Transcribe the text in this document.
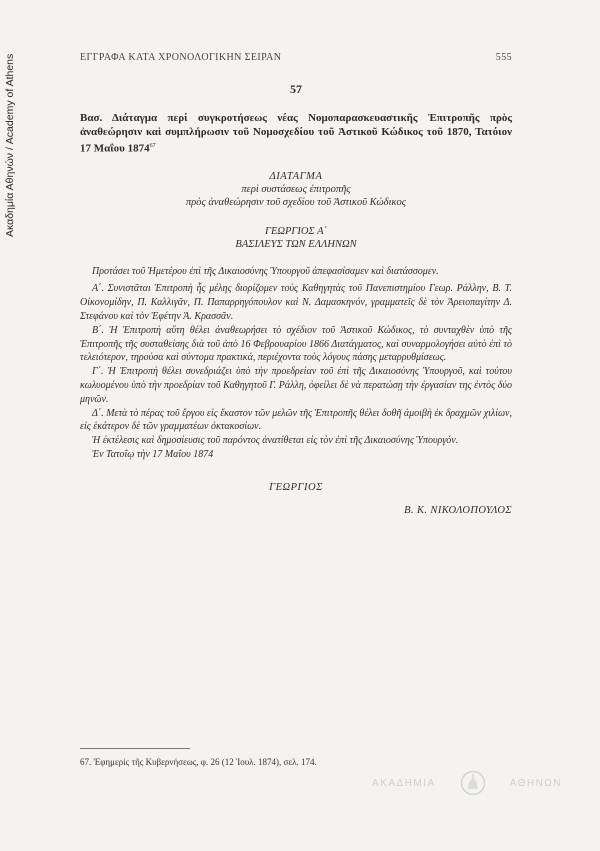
Ακαδημία Αθηνών / Academy of Athens	ΕΓΓΡΑΦΑ ΚΑΤΑ ΧΡΟΝΟΛΟΓΙΚΗΝ ΣΕΙΡΑΝ	555
57

Βασ. Διάταγμα περί συγκροτήσεως νέας Νομοπαρασκευαστικῆς Ἐπιτροπῆς πρὸς ἀναθεώρησιν καὶ συμπλήρωσιν τοῦ Νομοσχεδίου τοῦ Ἀστικοῦ Κώδικος τοῦ 1870, Τατόιον 17 Μαΐου 1874$^{67}$

ΔΙΑΤΑΓΜΑ
περὶ συστάσεως ἐπιτροπῆς
πρὸς ἀναθεώρησιν τοῦ σχεδίου τοῦ Ἀστικοῦ Κώδικος
ΓΕΩΡΓΙΟΣ Α΄
ΒΑΣΙΛΕΥΣ ΤΩΝ ΕΛΛΗΝΩΝ

Προτάσει τοῦ Ἡμετέρου ἐπὶ τῆς Δικαιοσύνης Ὑπουργοῦ ἀπεφασίσαμεν καὶ διατάσσομεν.

Α΄. Συνιστᾶται Ἐπιτροπὴ ἧς μέλης διορίζομεν τοὺς Καθηγητὰς τοῦ Πανεπιστημίου Γεωρ. Ράλλην, Β. Τ. Οἰκονομίδην, Π. Καλλιγᾶν, Π. Παπαρρηγόπουλον καὶ Ν. Δαμασκηνόν, γραμματεῖς δὲ τὸν Ἀρειοπαγίτην Δ. Στεφάνου καὶ τὸν Ἐφέτην Ἀ. Κρασσᾶν.

Β΄. Ἡ Ἐπιτροπὴ αὕτη θέλει ἀναθεωρήσει τὸ σχέδιον τοῦ Ἀστικοῦ Κώδικος, τὸ συνταχθὲν ὑπὸ τῆς Ἐπιτροπῆς τῆς συσταθείσης διὰ τοῦ ἀπὸ 16 Φεβρουαρίου 1866 Διατάγματος, καὶ συναρμολογήσει αὐτὸ ἐπὶ τὸ τελειότερον, τηρούσα καὶ σύντομα πρακτικά, περιέχοντα τοὺς λόγους πάσης μεταρρυθμίσεως.

Γ΄. Ἡ Ἐπιτροπὴ θέλει συνεδριάζει ὑπὸ τὴν προεδρείαν τοῦ ἐπὶ τῆς Δικαιοσύνης Ὑπουργοῦ, καὶ τούτου κωλυομένου ὑπὸ τὴν προεδρίαν τοῦ Καθηγητοῦ Γ. Ράλλη, ὀφείλει δὲ νὰ περατώσῃ τὴν ἐργασίαν της ἐντὸς δύο μηνῶν.

Δ΄. Μετὰ τὸ πέρας τοῦ ἔργου εἰς ἕκαστον τῶν μελῶν τῆς Ἐπιτροπῆς θέλει δοθῆ ἀμοιβὴ ἐκ δραχμῶν χιλίων, εἰς ἑκάτερον δὲ τῶν γραμματέων ὀκτακοσίων.

Ἡ ἐκτέλεσις καὶ δημοσίευσις τοῦ παρόντος ἀνατίθεται εἰς τὸν ἐπὶ τῆς Δικαιοσύνης Ὑπουργόν.

Ἐν Τατοΐῳ τὴν 17 Μαΐου 1874

ΓΕΩΡΓΙΟΣ
Β. Κ. ΝΙΚΟΛΟΠΟΥΛΟΣ
67. Ἐφημερὶς τῆς Κυβερνήσεως, φ. 26 (12 Ἰουλ. 1874), σελ. 174.
ΑΚΑΔΗΜΙΑ	ΑΘΗΝΩΝ
